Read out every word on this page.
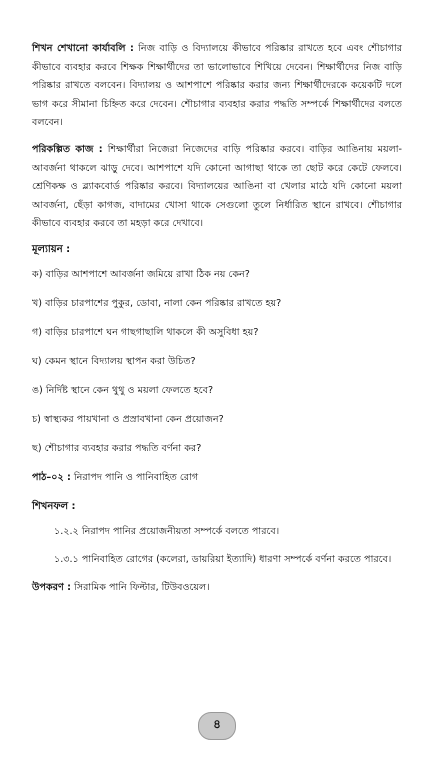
শিখন শেখানো কার্যাবলি : নিজ বাড়ি ও বিদ্যালয়ে কীভাবে পরিষ্কার রাখতে হবে এবং শৌচাগার কীভাবে ব্যবহার করবে শিক্ষক শিক্ষার্থীদের তা ভালোভাবে শিখিয়ে দেবেন। শিক্ষার্থীদের নিজ বাড়ি পরিষ্কার রাখতে বলবেন। বিদ্যালয় ও আশপাশে পরিষ্কার করার জন্য শিক্ষার্থীদেরকে কয়েকটি দলে ভাগ করে সীমানা চিহ্নিত করে দেবেন। শৌচাগার ব্যবহার করার পদ্ধতি সম্পর্কে শিক্ষার্থীদের বলতে বলবেন।

পরিকল্পিত কাজ : শিক্ষার্থীরা নিজেরা নিজেদের বাড়ি পরিষ্কার করবে। বাড়ির আঙিনায় ময়লা-আবর্জনা থাকলে ঝাড়ু দেবে। আশপাশে যদি কোনো আগাছা থাকে তা ছোট করে কেটে ফেলবে। শ্রেণিকক্ষ ও ব্ল্যাকবোর্ড পরিষ্কার করবে। বিদ্যালয়ের আঙিনা বা খেলার মাঠে যদি কোনো ময়লা আবর্জনা, ছেঁড়া কাগজ, বাদামের খোসা থাকে সেগুলো তুলে নির্ধারিত স্থানে রাখবে। শৌচাগার কীভাবে ব্যবহার করবে তা মহড়া করে দেখাবে।

মূল্যায়ন :
ক) বাড়ির আশপাশে আবর্জনা জমিয়ে রাখা ঠিক নয় কেন?
খ) বাড়ির চারপাশের পুকুর, ডোবা, নালা কেন পরিষ্কার রাখতে হয়?
গ) বাড়ির চারপাশে ঘন গাছগাছালি থাকলে কী অসুবিধা হয়?
ঘ) কেমন স্থানে বিদ্যালয় স্থাপন করা উচিত?
ঙ) নির্দিষ্ট স্থানে কেন থুথু ও ময়লা ফেলতে হবে?
চ) স্বাস্থ্যকর পায়খানা ও প্রস্রাবখানা কেন প্রয়োজন?
ছ) শৌচাগার ব্যবহার করার পদ্ধতি বর্ণনা কর?
পাঠ–০২ : নিরাপদ পানি ও পানিবাহিত রোগ
শিখনফল :
১.২.২ নিরাপদ পানির প্রয়োজনীয়তা সম্পর্কে বলতে পারবে।
১.৩.১ পানিবাহিত রোগের (কলেরা, ডায়রিয়া ইত্যাদি) ধারণা সম্পর্কে বর্ণনা করতে পারবে।
উপকরণ : সিরামিক পানি ফিল্টার, টিউবওয়েল।
৪
